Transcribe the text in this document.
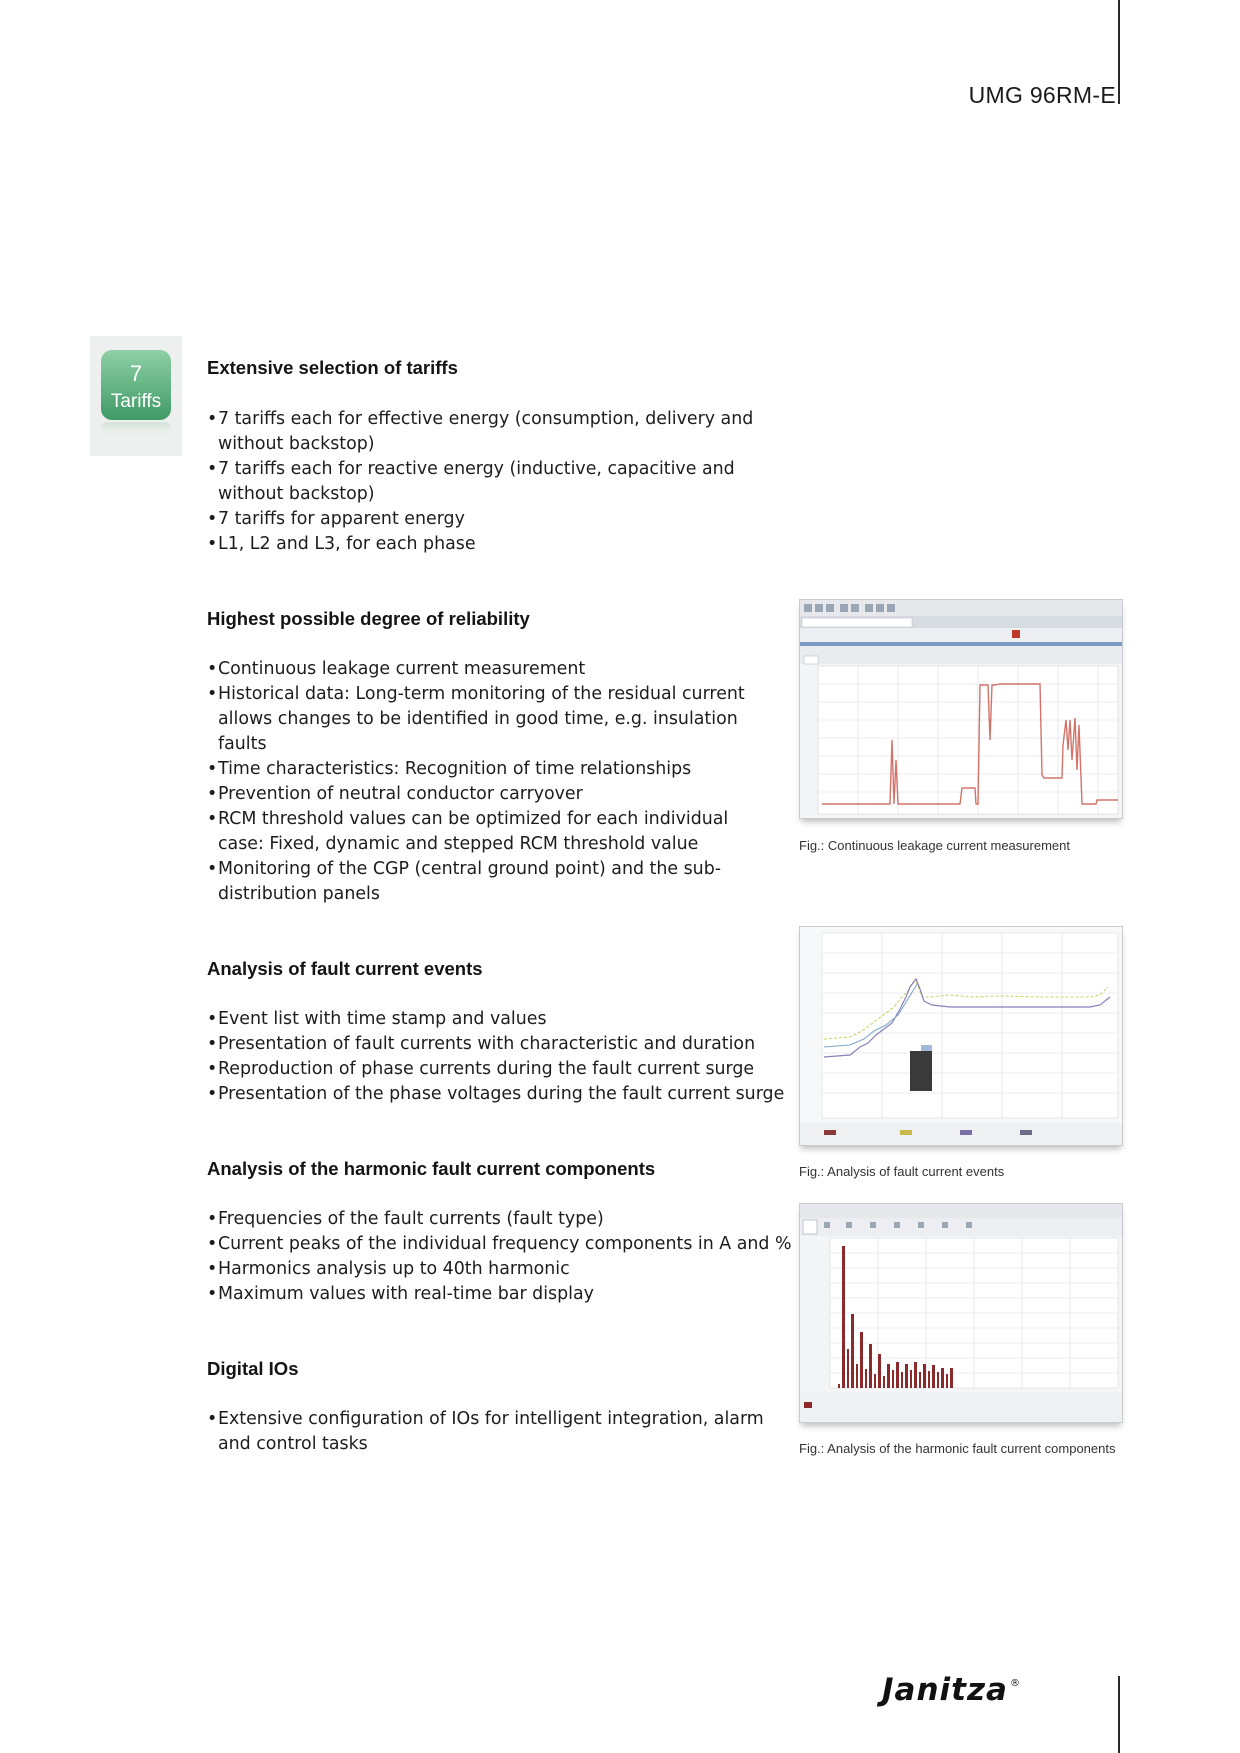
UMG 96RM-E
7
Tariffs
Extensive selection of tariffs
• 7 tariffs each for effective energy (consumption, delivery and
without backstop)
• 7 tariffs each for reactive energy (inductive, capacitive and
without backstop)
• 7 tariffs for apparent energy
• L1, L2 and L3, for each phase
Highest possible degree of reliability
• Continuous leakage current measurement
• Historical data: Long-term monitoring of the residual current
allows changes to be identified in good time, e.g. insulation
faults
• Time characteristics: Recognition of time relationships
• Prevention of neutral conductor carryover
• RCM threshold values can be optimized for each individual
case: Fixed, dynamic and stepped RCM threshold value
• Monitoring of the CGP (central ground point) and the sub-
distribution panels
Analysis of fault current events
• Event list with time stamp and values
• Presentation of fault currents with characteristic and duration
• Reproduction of phase currents during the fault current surge
• Presentation of the phase voltages during the fault current surge
Analysis of the harmonic fault current components
• Frequencies of the fault currents (fault type)
• Current peaks of the individual frequency components in A and %
• Harmonics analysis up to 40th harmonic
• Maximum values with real-time bar display
Digital IOs
• Extensive configuration of IOs for intelligent integration, alarm
and control tasks
Fig.: Continuous leakage current measurement
Fig.: Analysis of fault current events
Fig.: Analysis of the harmonic fault current components
Janitza ®
